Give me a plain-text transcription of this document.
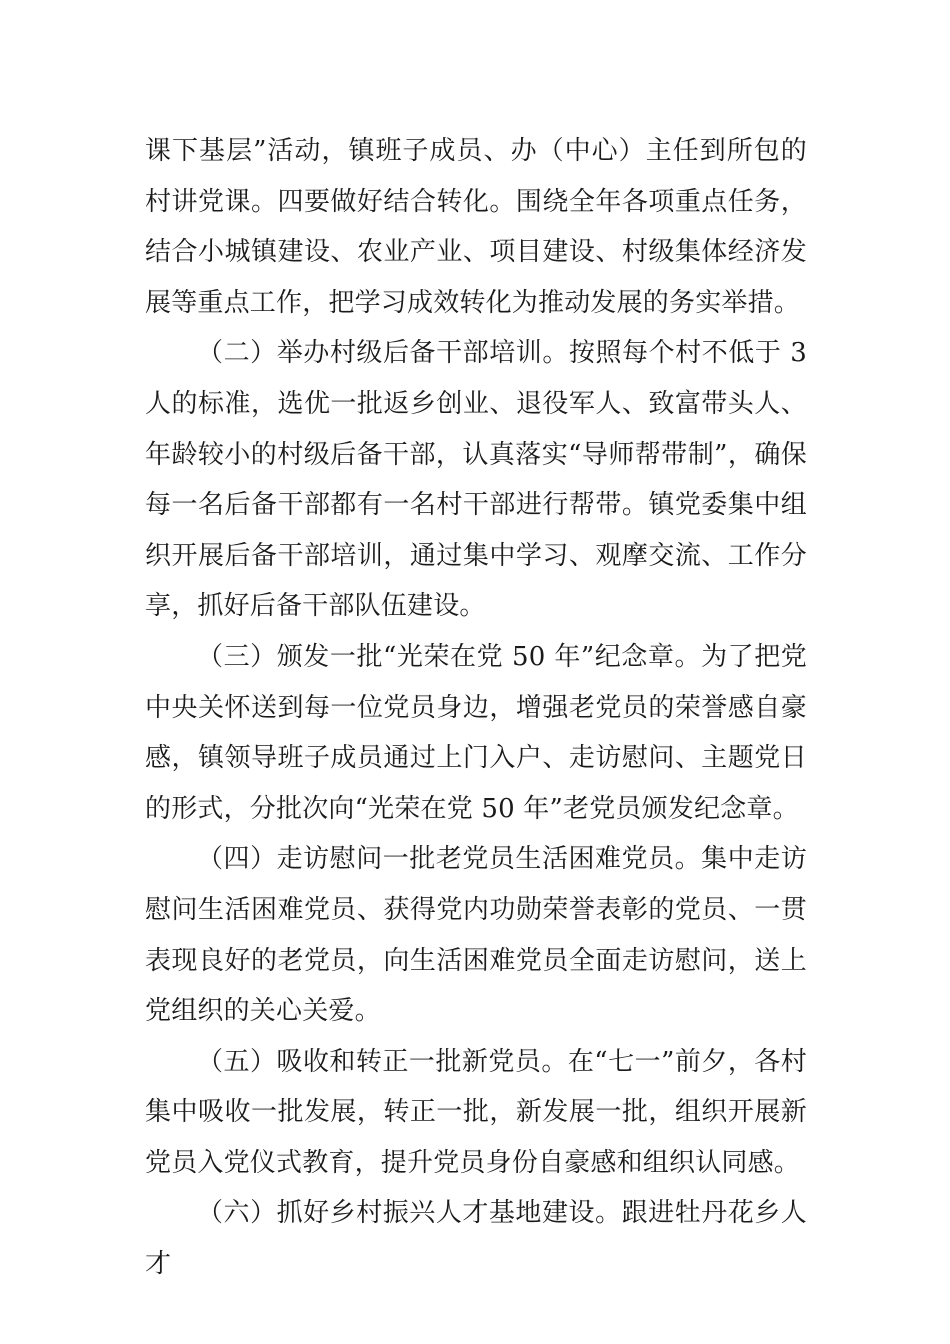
课下基层”活动，镇班子成员、办（中心）主任到所包的村讲党课。四要做好结合转化。围绕全年各项重点任务，结合小城镇建设、农业产业、项目建设、村级集体经济发展等重点工作，把学习成效转化为推动发展的务实举措。

（二）举办村级后备干部培训。按照每个村不低于 3 人的标准，选优一批返乡创业、退役军人、致富带头人、年龄较小的村级后备干部，认真落实“导师帮带制”，确保每一名后备干部都有一名村干部进行帮带。镇党委集中组织开展后备干部培训，通过集中学习、观摩交流、工作分享，抓好后备干部队伍建设。

（三）颁发一批“光荣在党 50 年”纪念章。为了把党中央关怀送到每一位党员身边，增强老党员的荣誉感自豪感，镇领导班子成员通过上门入户、走访慰问、主题党日的形式，分批次向“光荣在党 50 年”老党员颁发纪念章。

（四）走访慰问一批老党员生活困难党员。集中走访慰问生活困难党员、获得党内功勋荣誉表彰的党员、一贯表现良好的老党员，向生活困难党员全面走访慰问，送上党组织的关心关爱。

（五）吸收和转正一批新党员。在“七一”前夕，各村集中吸收一批发展，转正一批，新发展一批，组织开展新党员入党仪式教育，提升党员身份自豪感和组织认同感。

（六）抓好乡村振兴人才基地建设。跟进牡丹花乡人才
